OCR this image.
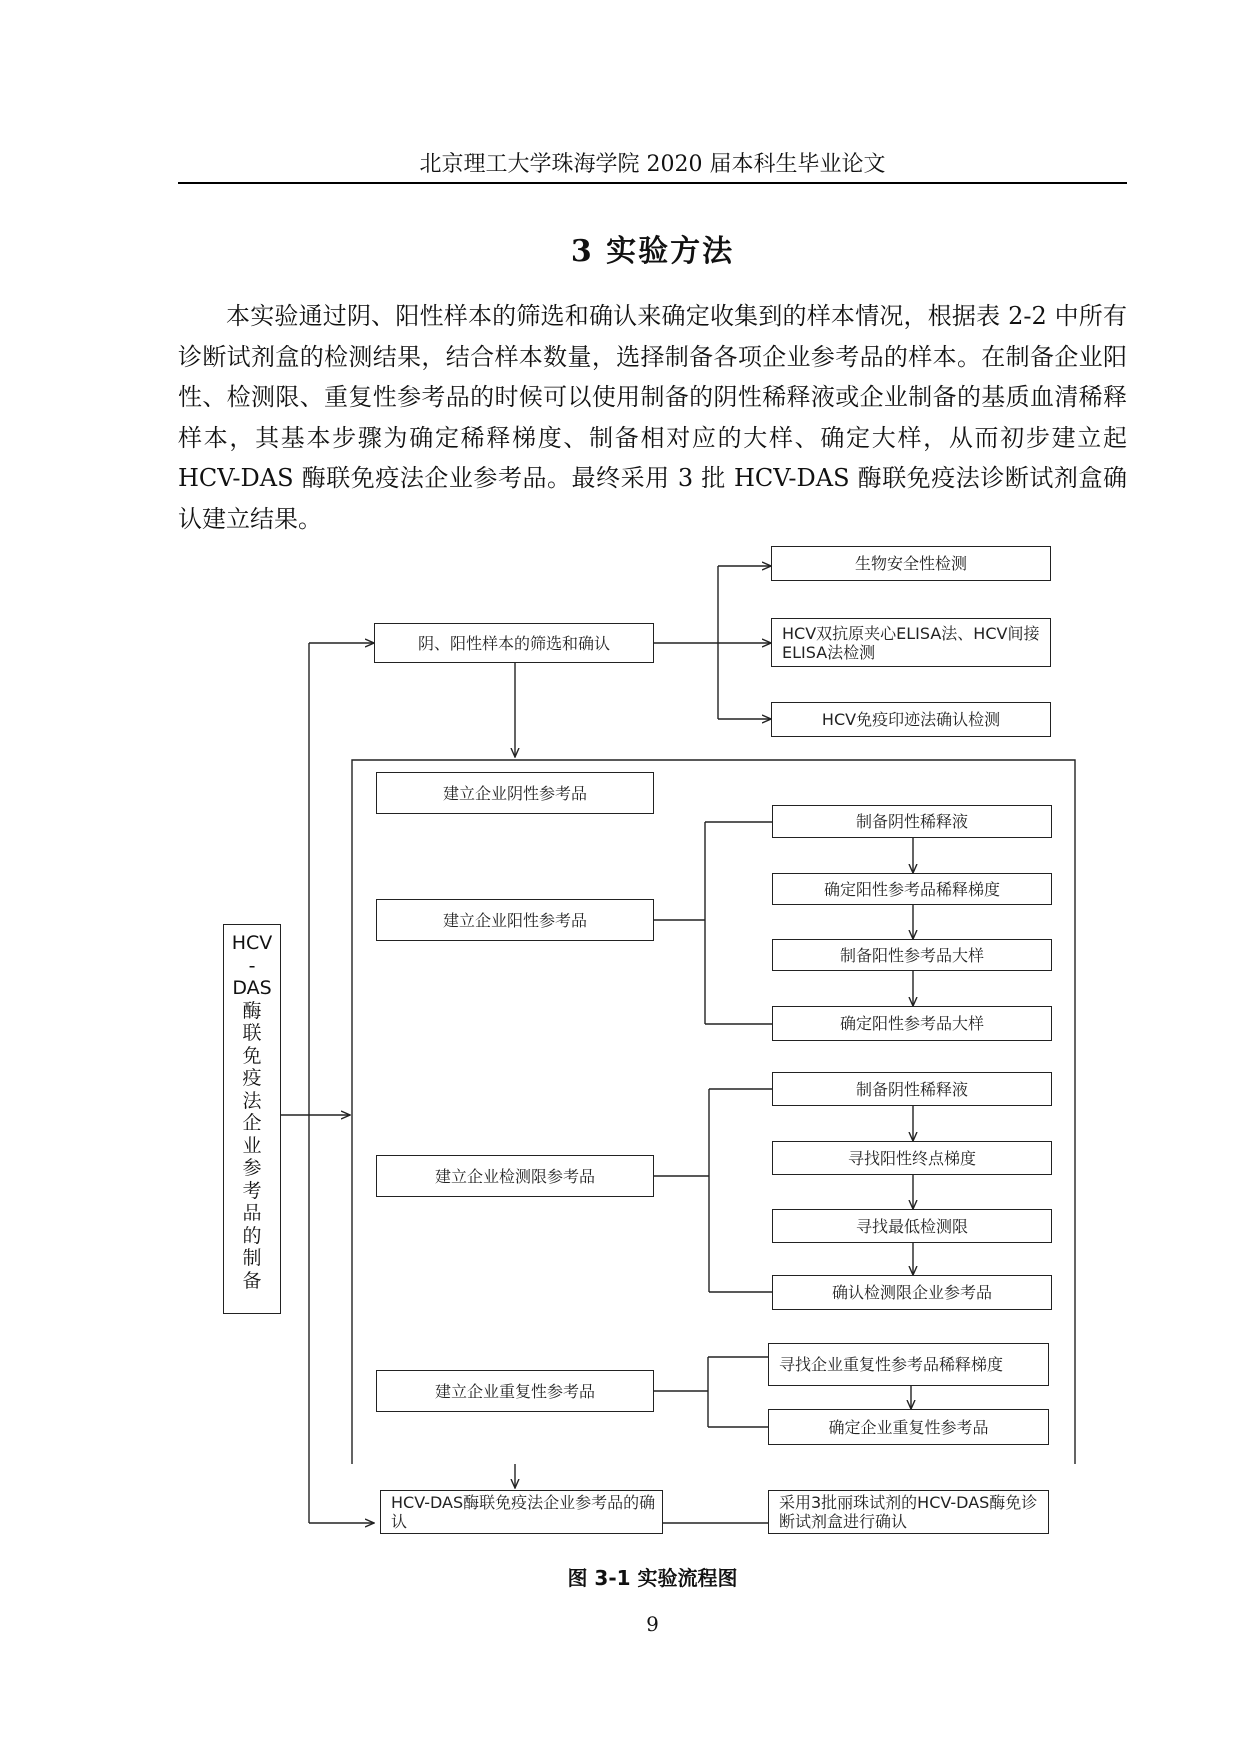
北京理工大学珠海学院 2020 届本科生毕业论文
3 实验方法
本实验通过阴、阳性样本的筛选和确认来确定收集到的样本情况，根据表 2-2 中所有诊断试剂盒的检测结果，结合样本数量，选择制备各项企业参考品的样本。在制备企业阳性、检测限、重复性参考品的时候可以使用制备的阴性稀释液或企业制备的基质血清稀释样本，其基本步骤为确定稀释梯度、制备相对应的大样、确定大样，从而初步建立起 HCV-DAS 酶联免疫法企业参考品。最终采用 3 批 HCV-DAS 酶联免疫法诊断试剂盒确认建立结果。
HCV
-
DAS
酶
联
免
疫
法
企
业
参
考
品
的
制
备
阴、阳性样本的筛选和确认
生物安全性检测
HCV双抗原夹心ELISA法、HCV间接ELISA法检测
HCV免疫印迹法确认检测
建立企业阴性参考品
建立企业阳性参考品
制备阴性稀释液
确定阳性参考品稀释梯度
制备阳性参考品大样
确定阳性参考品大样
建立企业检测限参考品
制备阴性稀释液
寻找阳性终点梯度
寻找最低检测限
确认检测限企业参考品
建立企业重复性参考品
寻找企业重复性参考品稀释梯度
确定企业重复性参考品
HCV-DAS酶联免疫法企业参考品的确认
采用3批丽珠试剂的HCV-DAS酶免诊断试剂盒进行确认
图 3-1 实验流程图
9
